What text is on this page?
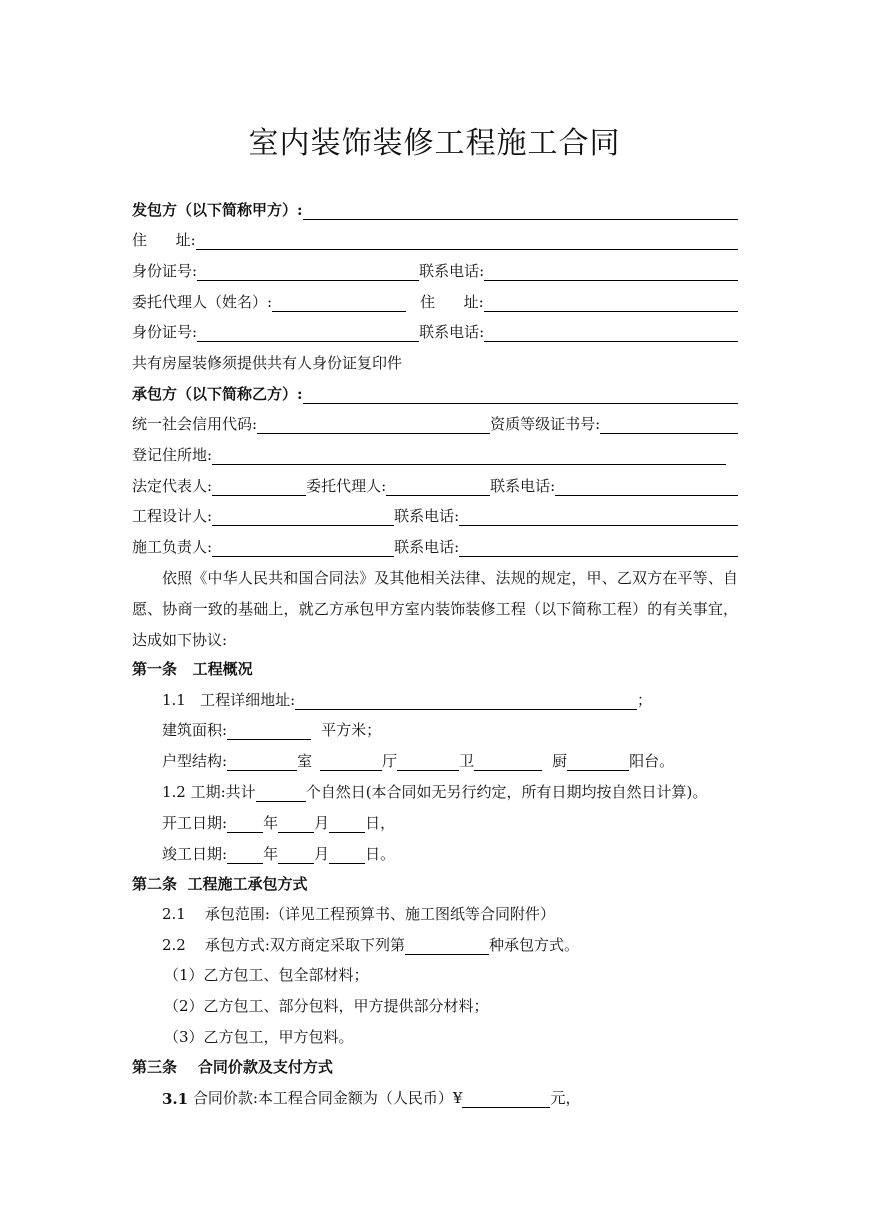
室内装饰装修工程施工合同
发包方（以下简称甲方）:
住      址:
身份证号:	联系电话:
委托代理人（姓名）:	住      址:
身份证号:	联系电话:
共有房屋装修须提供共有人身份证复印件
承包方（以下简称乙方）:
统一社会信用代码:	资质等级证书号:
登记住所地:
法定代表人:	委托代理人:	联系电话:
工程设计人:	联系电话:
施工负责人:	联系电话:
依照《中华人民共和国合同法》及其他相关法律、法规的规定，甲、乙双方在平等、自愿、协商一致的基础上，就乙方承包甲方室内装饰装修工程（以下简称工程）的有关事宜，达成如下协议:
第一条   工程概况
1.1   工程详细地址:	；
建筑面积:	平方米；
户型结构:	室	厅	卫	厨	阳台。
1.2 工期:共计	个自然日(本合同如无另行约定，所有日期均按自然日计算)。
开工日期: 年 月 日，
竣工日期: 年 月 日。
第二条  工程施工承包方式
2.1    承包范围:（详见工程预算书、施工图纸等合同附件）
2.2    承包方式:双方商定采取下列第	种承包方式。
（1）乙方包工、包全部材料；
（2）乙方包工、部分包料，甲方提供部分材料；
（3）乙方包工，甲方包料。
第三条    合同价款及支付方式
3.1 合同价款:本工程合同金额为（人民币）¥	元，
